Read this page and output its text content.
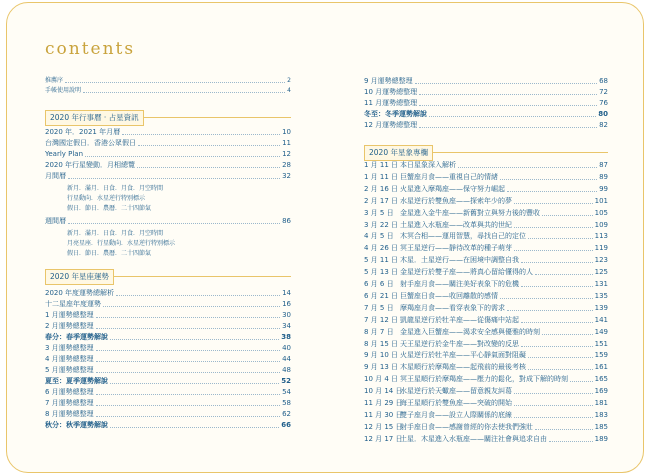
contents
推薦序	2
手帳使用說明	4
2020 年行事曆 ‧ 占星資訊
2020 年．2021 年月曆	10
台灣國定假日．香港公眾假日	11
Yearly Plan	12
2020 年行星變動．月相總覽	28
月間曆	32
新月．滿月．日食．月食．月空時間
行星動向．水星逆行特別標示
假日．節日．農曆．二十四節氣
週間曆	86
新月．滿月．日食．月食．月空時間
月亮星座．行星動向．水星逆行特別標示
假日．節日．農曆．二十四節氣
2020 年星座運勢
2020 年度運勢總解析	14
十二星座年度運勢	16
1 月運勢總整理	30
2 月運勢總整理	34
春分：春季運勢解說	38
3 月運勢總整理	40
4 月運勢總整理	44
5 月運勢總整理	48
夏至：夏季運勢解說	52
6 月運勢總整理	54
7 月運勢總整理	58
8 月運勢總整理	62
秋分：秋季運勢解說	66
9 月運勢總整理	68
10 月運勢總整理	72
11 月運勢總整理	76
冬至：冬季運勢解說	80
12 月運勢總整理	82
2020 年星象專欄
1 月 11 日 本日星象深入解析	87
1 月 11 日 巨蟹座月食——重視自己的情緒	89
2 月 16 日 火星進入摩羯座——保守努力崛起	99
2 月 17 日 水星逆行於雙魚座——探索年少的夢	101
3 月 5 日 金星進入金牛座——新舊對立與努力後的豐收	105
3 月 22 日 土星進入水瓶座——改革與共的世紀	109
4 月 5 日 木冥合相——運用智慧，尋找自己的定位	113
4 月 26 日 冥王星逆行——靜待改革的種子萌芽	119
5 月 11 日 木星．土星逆行——在困境中調整自我	123
5 月 13 日 金星逆行於雙子座——將真心留給懂得的人	125
6 月 6 日 射手座月食——關注美好表象下的危機	131
6 月 21 日 巨蟹座日食——收回離散的感情	135
7 月 5 日 摩羯座月食——看穿表象下的需求	139
7 月 12 日 凱龍星逆行於牡羊座——從傷痛中站起	141
8 月 7 日 金星進入巨蟹座——渴求安全感與優雅的時刻	149
8 月 15 日 天王星逆行於金牛座——對改變的反思	151
9 月 10 日 火星逆行於牡羊座——平心靜氣面對阻礙	159
9 月 13 日 木星順行於摩羯座——起飛前的最後考核	161
10 月 4 日 冥王星順行於摩羯座——壓力的鬆化，對成下解的時刻	165
10 月 14 日水星逆行於天蠍座——留意親友糾葛	169
11 月 29 日海王星順行於雙魚座——突破的開始	181
11 月 30 日雙子座月食——設立人際關係的底線	183
12 月 15 日射手座日食——感謝曾經的你去使我們強壯	185
12 月 17 日土星．木星進入水瓶座——關注社會與追求自由	189
